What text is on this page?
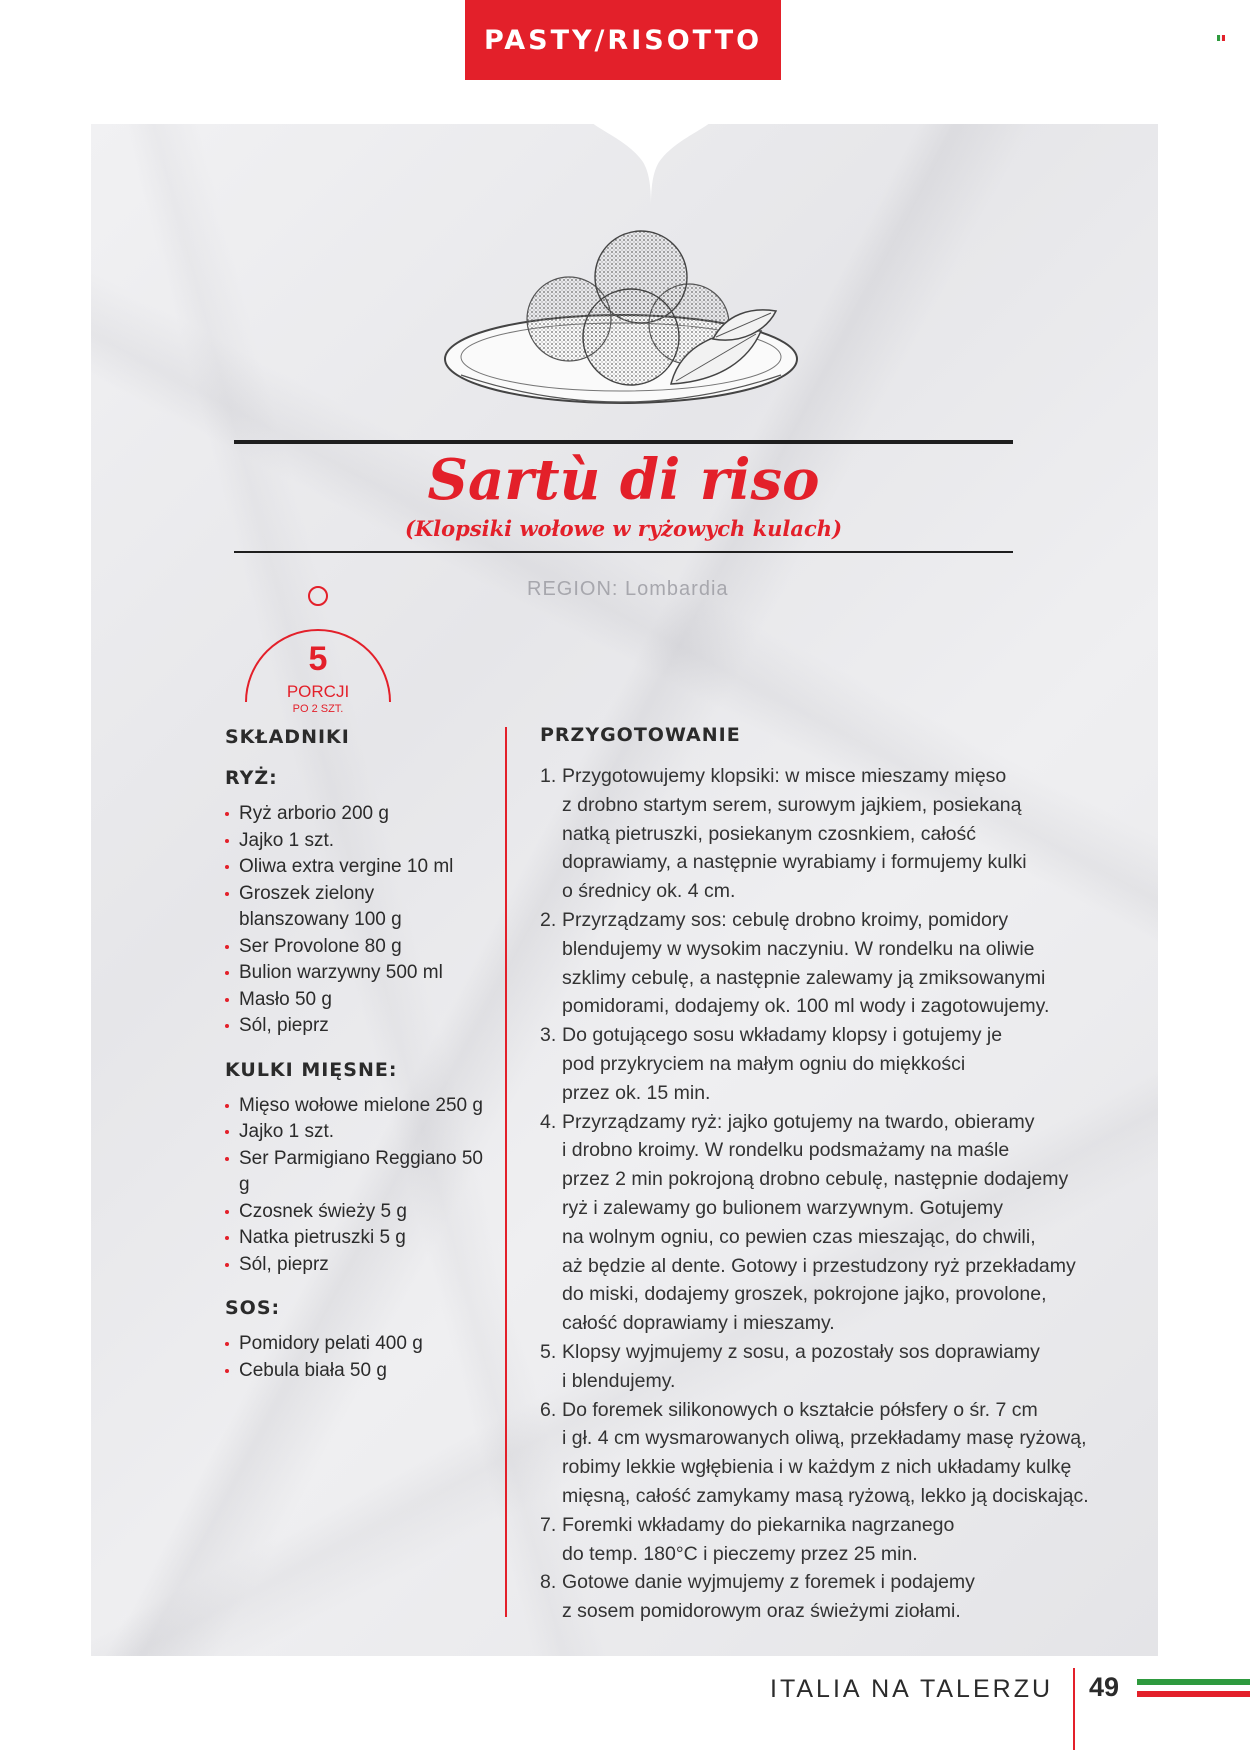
PASTY/RISOTTO
Sartù di riso
(Klopsiki wołowe w ryżowych kulach)
REGION: Lombardia
5
PORCJI
PO 2 SZT.
SKŁADNIKI
RYŻ:
Ryż arborio 200 g
Jajko 1 szt.
Oliwa extra vergine 10 ml
Groszek zielony blanszowany 100 g
Ser Provolone 80 g
Bulion warzywny 500 ml
Masło 50 g
Sól, pieprz
KULKI MIĘSNE:
Mięso wołowe mielone 250 g
Jajko 1 szt.
Ser Parmigiano Reggiano 50 g
Czosnek świeży 5 g
Natka pietruszki 5 g
Sól, pieprz
SOS:
Pomidory pelati 400 g
Cebula biała 50 g
PRZYGOTOWANIE
1. Przygotowujemy klopsiki: w misce mieszamy mięso
z drobno startym serem, surowym jajkiem, posiekaną
natką pietruszki, posiekanym czosnkiem, całość
doprawiamy, a następnie wyrabiamy i formujemy kulki
o średnicy ok. 4 cm.
2. Przyrządzamy sos: cebulę drobno kroimy, pomidory
blendujemy w wysokim naczyniu. W rondelku na oliwie
szklimy cebulę, a następnie zalewamy ją zmiksowanymi
pomidorami, dodajemy ok. 100 ml wody i zagotowujemy.
3. Do gotującego sosu wkładamy klopsy i gotujemy je
pod przykryciem na małym ogniu do miękkości
przez ok. 15 min.
4. Przyrządzamy ryż: jajko gotujemy na twardo, obieramy
i drobno kroimy. W rondelku podsmażamy na maśle
przez 2 min pokrojoną drobno cebulę, następnie dodajemy
ryż i zalewamy go bulionem warzywnym. Gotujemy
na wolnym ogniu, co pewien czas mieszając, do chwili,
aż będzie al dente. Gotowy i przestudzony ryż przekładamy
do miski, dodajemy groszek, pokrojone jajko, provolone,
całość doprawiamy i mieszamy.
5. Klopsy wyjmujemy z sosu, a pozostały sos doprawiamy
i blendujemy.
6. Do foremek silikonowych o kształcie półsfery o śr. 7 cm
i gł. 4 cm wysmarowanych oliwą, przekładamy masę ryżową,
robimy lekkie wgłębienia i w każdym z nich układamy kulkę
mięsną, całość zamykamy masą ryżową, lekko ją dociskając.
7. Foremki wkładamy do piekarnika nagrzanego
do temp. 180°C i pieczemy przez 25 min.
8. Gotowe danie wyjmujemy z foremek i podajemy
z sosem pomidorowym oraz świeżymi ziołami.
ITALIA NA TALERZU 49
